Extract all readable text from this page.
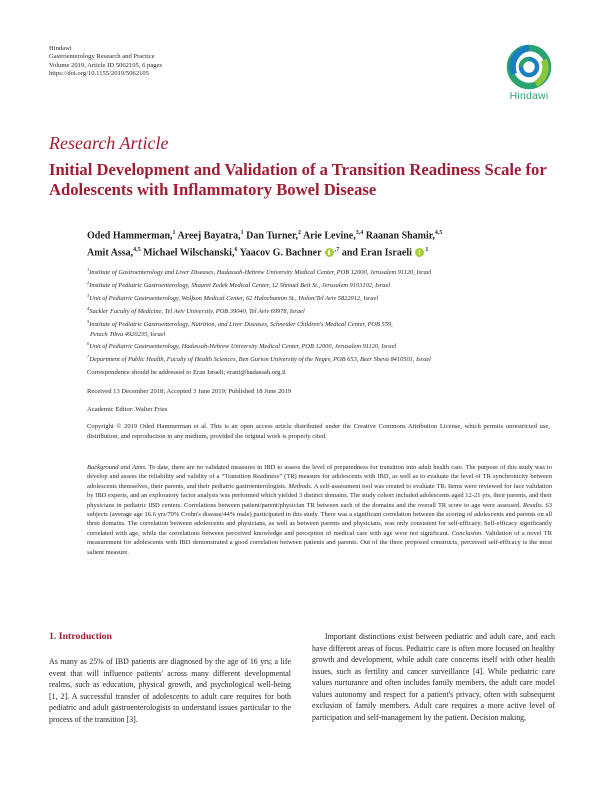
Hindawi
Gastroenterology Research and Practice
Volume 2019, Article ID 5062105, 6 pages
https://doi.org/10.1155/2019/5062105
Hindawi
Research Article
Initial Development and Validation of a Transition Readiness Scale for Adolescents with Inflammatory Bowel Disease
Oded Hammerman,$^1$ Areej Bayatra,$^1$ Dan Turner,$^2$ Arie Levine,$^{3,4}$ Raanan Shamir,$^{4,5}$
Amit Assa,$^{4,5}$ Michael Wilschanski,$^6$ Yaacov G. Bachner $^{,7}$ and Eran Israeli $^1$
$^1$Institute of Gastroenterology and Liver Diseases, Hadassah-Hebrew University Medical Center, POB 12000, Jerusalem 91120, Israel
$^2$Institute of Pediatric Gastroenterology, Shaarei Zedek Medical Center, 12 Shmuel Beit St., Jerusalem 9103102, Israel
$^3$Unit of Pediatric Gastroenterology, Wolfson Medical Center, 62 Halochamim St., Holon/Tel Aviv 5822012, Israel
$^4$Sackler Faculty of Medicine, Tel Aviv University, POB 39040, Tel Aviv 69978, Israel
$^5$Institute of Pediatric Gastroenterology, Nutrition, and Liver Diseases, Schneider Children's Medical Center, POB 559,
Petach Tikva 4920235, Israel
$^6$Unit of Pediatric Gastroenterology, Hadassah-Hebrew University Medical Center, POB 12000, Jerusalem 91120, Israel
$^7$Department of Public Health, Faculty of Health Sciences, Ben Gurion University of the Negev, POB 653, Beer Sheva 8410501, Israel
Correspondence should be addressed to Eran Israeli; erani@hadassah.org.il
Received 13 December 2018; Accepted 3 June 2019; Published 18 June 2019
Academic Editor: Walter Fries
Copyright © 2019 Oded Hammerman et al. This is an open access article distributed under the Creative Commons Attribution License, which permits unrestricted use, distribution, and reproduction in any medium, provided the original work is properly cited.
Background and Aims. To date, there are no validated measures in IBD to assess the level of preparedness for transition into adult health care. The purpose of this study was to develop and assess the reliability and validity of a “Transition Readiness” (TR) measure for adolescents with IBD, as well as to evaluate the level of TR synchronicity between adolescents themselves, their parents, and their pediatric gastroenterologists. Methods. A self-assessment tool was created to evaluate TR. Items were reviewed for face validation by IBD experts, and an exploratory factor analysis was performed which yielded 3 distinct domains. The study cohort included adolescents aged 12-21 yrs, their parents, and their physicians in pediatric IBD centers. Correlations between patient/parent/physician TR between each of the domains and the overall TR score to age were assessed. Results. 63 subjects (average age 16.6 yrs/79% Crohn's disease/44% male) participated in this study. There was a significant correlation between the scoring of adolescents and parents on all three domains. The correlation between adolescents and physicians, as well as between parents and physicians, was only consistent for self-efficacy. Self-efficacy significantly correlated with age, while the correlations between perceived knowledge and perception of medical care with age were not significant. Conclusion. Validation of a novel TR measurement for adolescents with IBD demonstrated a good correlation between patients and parents. Out of the three proposed constructs, perceived self-efficacy is the most salient measure.
1. Introduction
As many as 25% of IBD patients are diagnosed by the age of 16 yrs; a life event that will influence patients' across many different developmental realms, such as education, physical growth, and psychological well-being [1, 2]. A successful transfer of adolescents to adult care requires for both pediatric and adult gastroenterologists to understand issues particular to the process of the transition [3].
Important distinctions exist between pediatric and adult care, and each have different areas of focus. Pediatric care is often more focused on healthy growth and development, while adult care concerns itself with other health issues, such as fertility and cancer surveillance [4]. While pediatric care values nurturance and often includes family members, the adult care model values autonomy and respect for a patient's privacy, often with subsequent exclusion of family members. Adult care requires a more active level of participation and self-management by the patient. Decision making,
